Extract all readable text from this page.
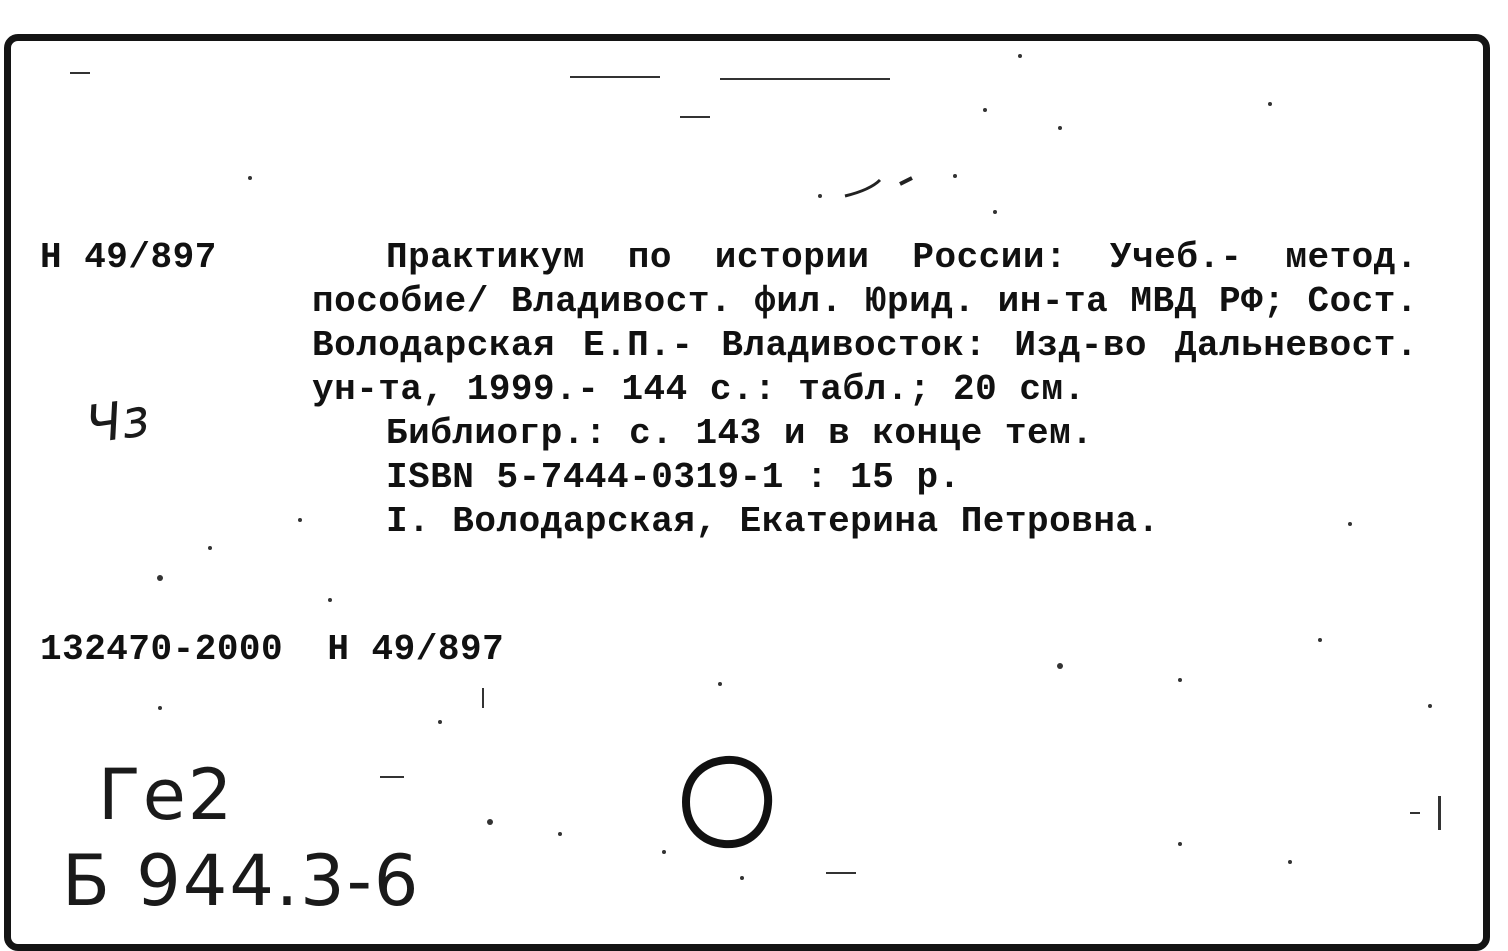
Н 49/897	Практикум по истории России: Учеб.- метод. пособие/ Владивост. фил. Юрид. ин-та МВД РФ; Сост. Володарская Е.П.- Владивосток: Изд-во Дальневост. ун-та, 1999.- 144 с.: табл.; 20 см.
Библиогр.: с. 143 и в конце тем.
ISBN 5-7444-0319-1 : 15 р.
I. Володарская, Екатерина Петровна.
132470-2000  Н 49/897
Чз
Ге2
Б 944.3-6
